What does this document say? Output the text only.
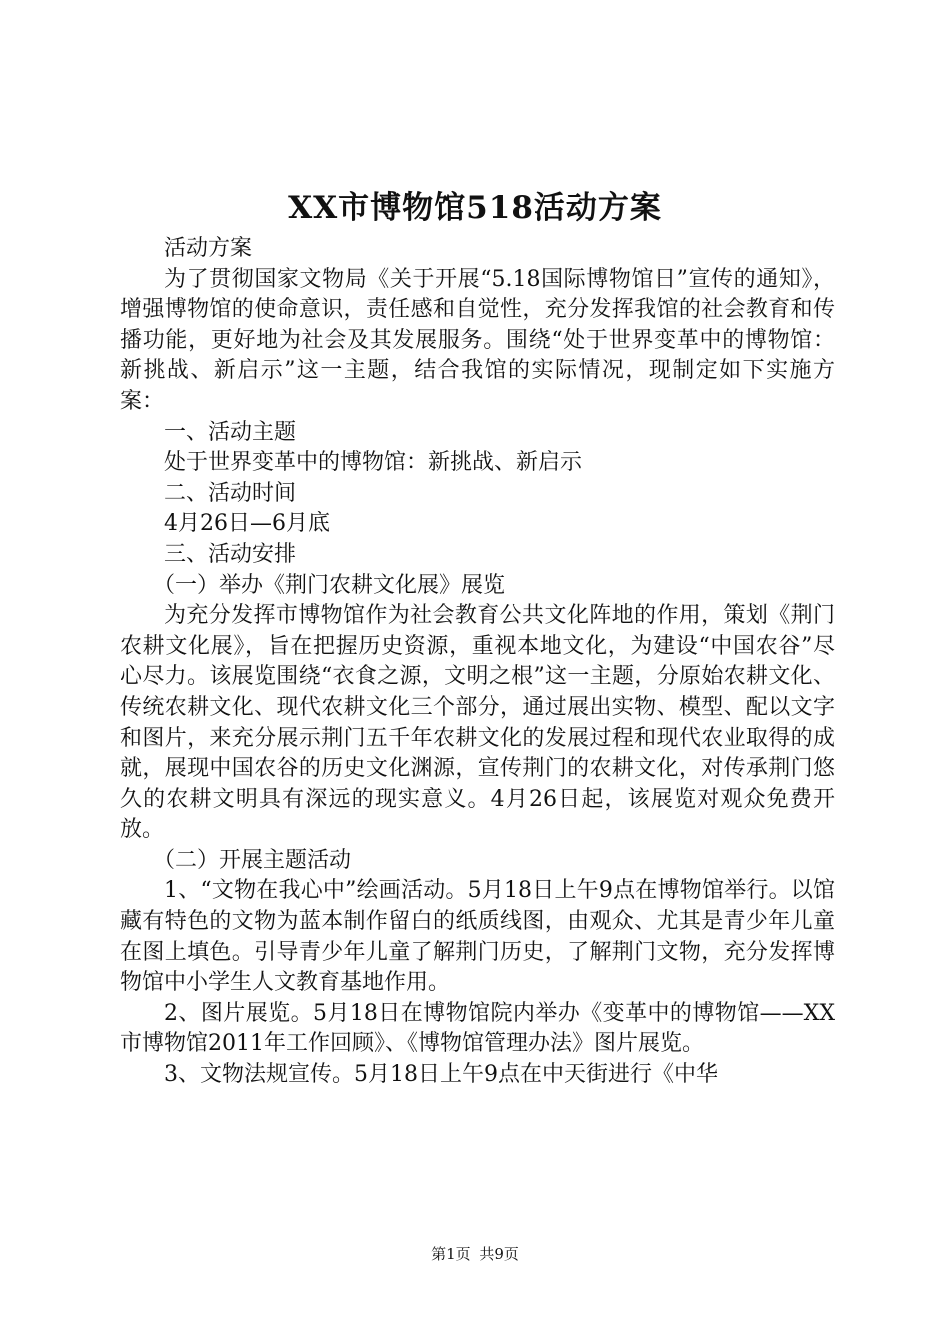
XX市博物馆518活动方案

活动方案

为了贯彻国家文物局《关于开展“5.18国际博物馆日”宣传的通知》，增强博物馆的使命意识，责任感和自觉性，充分发挥我馆的社会教育和传播功能，更好地为社会及其发展服务。围绕“处于世界变革中的博物馆：新挑战、新启示”这一主题，结合我馆的实际情况，现制定如下实施方案：

一、活动主题

处于世界变革中的博物馆：新挑战、新启示

二、活动时间

4月26日—6月底

三、活动安排

（一）举办《荆门农耕文化展》展览

为充分发挥市博物馆作为社会教育公共文化阵地的作用，策划《荆门农耕文化展》，旨在把握历史资源，重视本地文化，为建设“中国农谷”尽心尽力。该展览围绕“衣食之源，文明之根”这一主题，分原始农耕文化、传统农耕文化、现代农耕文化三个部分，通过展出实物、模型、配以文字和图片，来充分展示荆门五千年农耕文化的发展过程和现代农业取得的成就，展现中国农谷的历史文化渊源，宣传荆门的农耕文化，对传承荆门悠久的农耕文明具有深远的现实意义。4月26日起，该展览对观众免费开放。

（二）开展主题活动

1、“文物在我心中”绘画活动。5月18日上午9点在博物馆举行。以馆藏有特色的文物为蓝本制作留白的纸质线图，由观众、尤其是青少年儿童在图上填色。引导青少年儿童了解荆门历史，了解荆门文物，充分发挥博物馆中小学生人文教育基地作用。

2、图片展览。5月18日在博物馆院内举办《变革中的博物馆——XX市博物馆2011年工作回顾》、《博物馆管理办法》图片展览。

3、文物法规宣传。5月18日上午9点在中天街进行《中华

第1页 共9页
